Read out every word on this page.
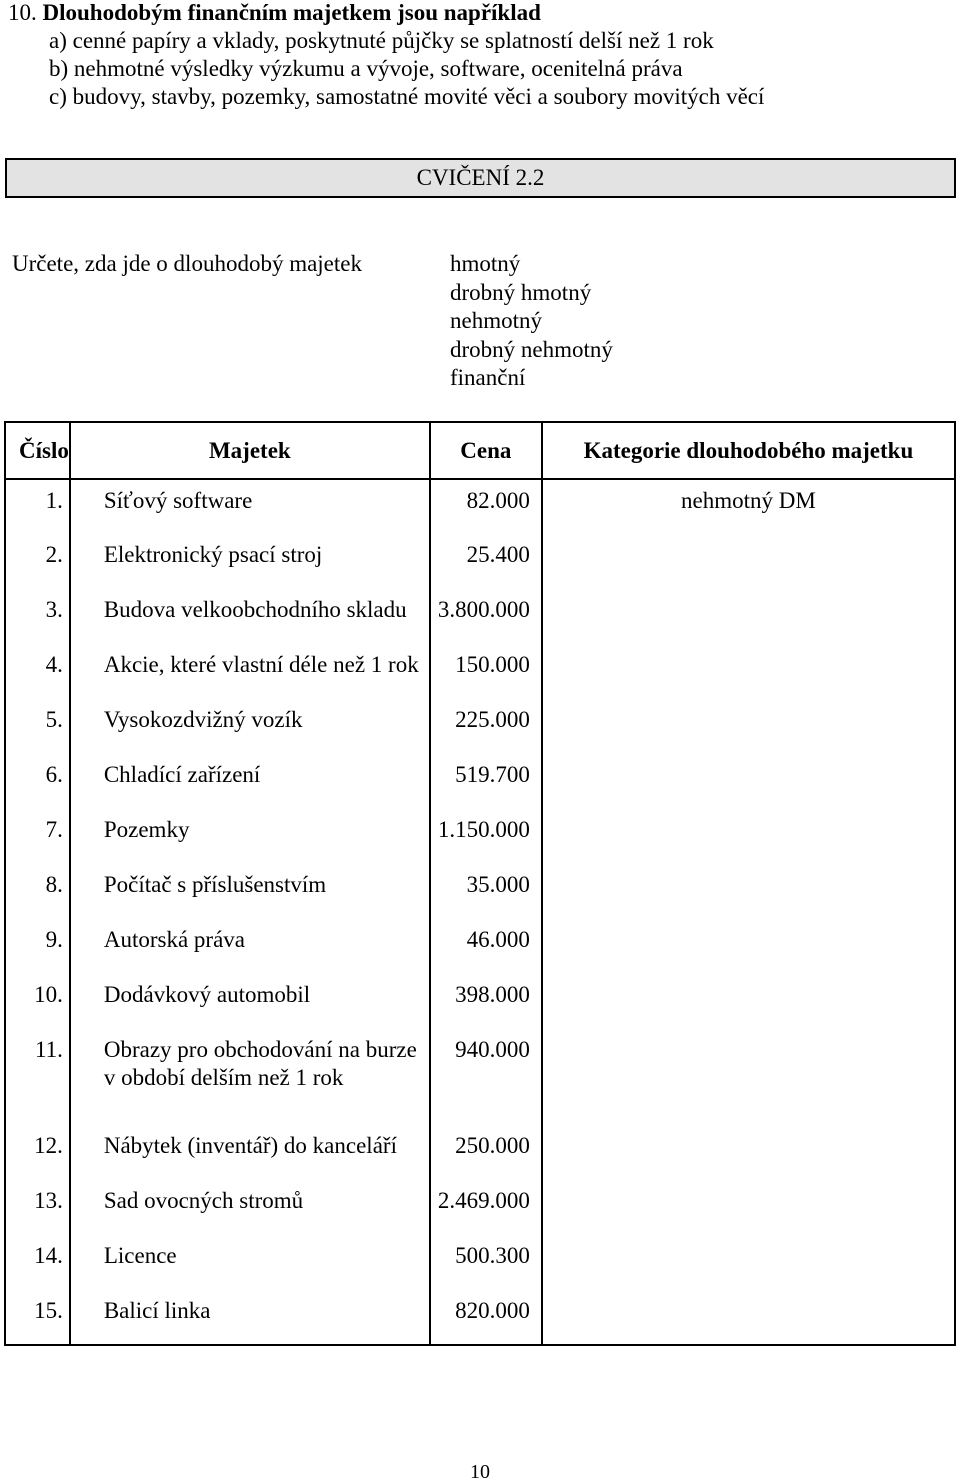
10. Dlouhodobým finančním majetkem jsou například
a) cenné papíry a vklady, poskytnuté půjčky se splatností delší než 1 rok
b) nehmotné výsledky výzkumu a vývoje, software, ocenitelná práva
c) budovy, stavby, pozemky, samostatné movité věci a soubory movitých věcí
CVIČENÍ 2.2
Určete, zda jde o dlouhodobý majetek	hmotný
drobný hmotný
nehmotný
drobný nehmotný
finanční
Číslo	Majetek	Cena	Kategorie dlouhodobého majetku
1.	Síťový software	82.000	nehmotný DM
2.	Elektronický psací stroj	25.400	
3.	Budova velkoobchodního skladu	3.800.000	
4.	Akcie, které vlastní déle než 1 rok	150.000	
5.	Vysokozdvižný vozík	225.000	
6.	Chladící zařízení	519.700	
7.	Pozemky	1.150.000	
8.	Počítač s příslušenstvím	35.000	
9.	Autorská práva	46.000	
10.	Dodávkový automobil	398.000	
11.	Obrazy pro obchodování na burze
v období delším než 1 rok	940.000	
12.	Nábytek (inventář) do kanceláří	250.000	
13.	Sad ovocných stromů	2.469.000	
14.	Licence	500.300	
15.	Balicí linka	820.000	
10
